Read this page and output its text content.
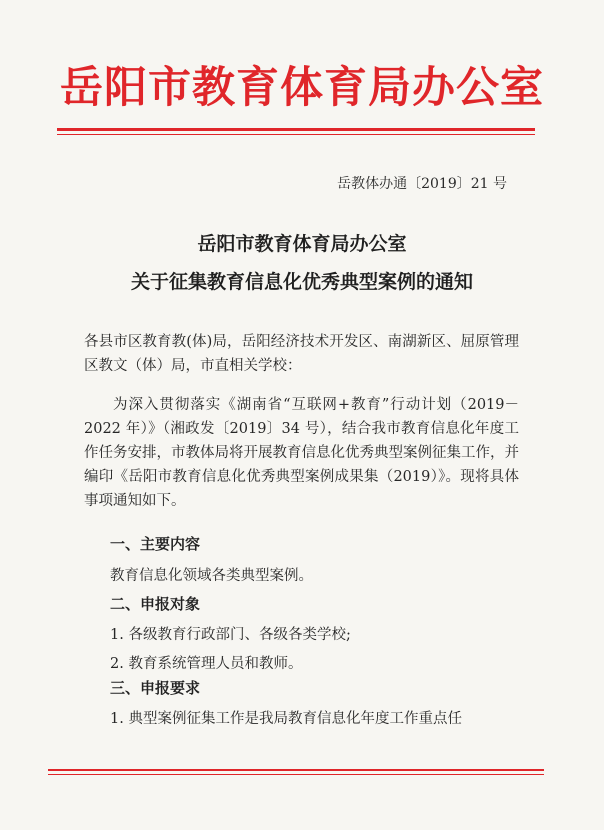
岳阳市教育体育局办公室
岳教体办通〔2019〕21 号
岳阳市教育体育局办公室
关于征集教育信息化优秀典型案例的通知
各县市区教育教(体)局，岳阳经济技术开发区、南湖新区、屈原管理区教文（体）局，市直相关学校：
为深入贯彻落实《湖南省“互联网+教育”行动计划（2019－2022 年）》（湘政发〔2019〕34 号），结合我市教育信息化年度工作任务安排，市教体局将开展教育信息化优秀典型案例征集工作，并编印《岳阳市教育信息化优秀典型案例成果集（2019）》。现将具体事项通知如下。
一、主要内容
教育信息化领域各类典型案例。
二、申报对象
1. 各级教育行政部门、各级各类学校;
2. 教育系统管理人员和教师。
三、申报要求
1. 典型案例征集工作是我局教育信息化年度工作重点任
